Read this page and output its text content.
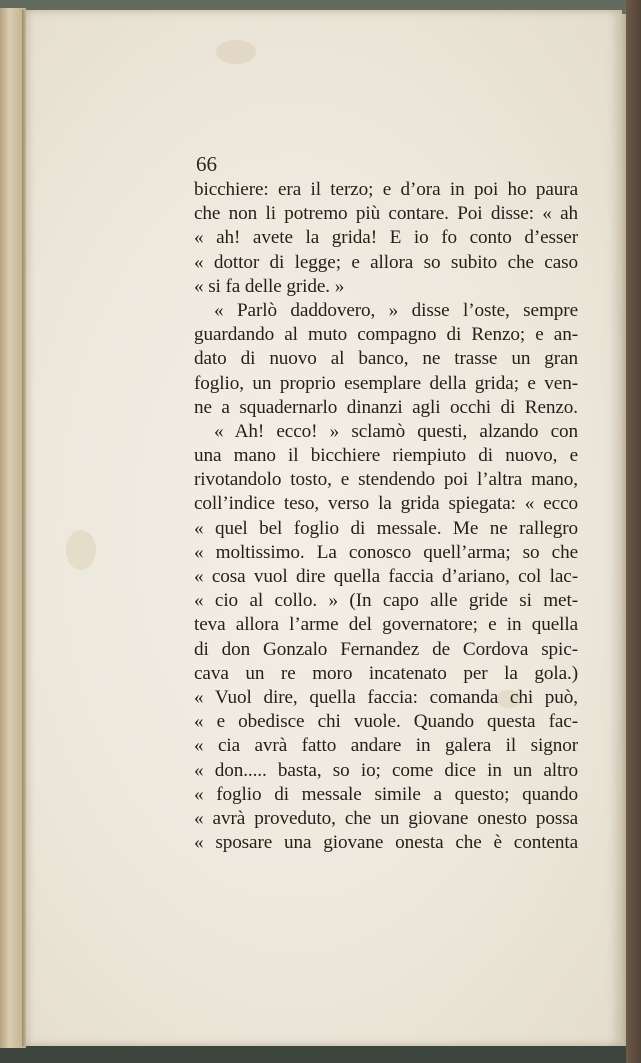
66

bicchiere: era il terzo; e d’ora in poi ho paura
che non li potremo più contare. Poi disse: « ah
« ah! avete la grida! E io fo conto d’esser
« dottor di legge; e allora so subito che caso
« si fa delle gride. »
« Parlò daddovero, » disse l’oste, sempre
guardando al muto compagno di Renzo; e an-
dato di nuovo al banco, ne trasse un gran
foglio, un proprio esemplare della grida; e ven-
ne a squadernarlo dinanzi agli occhi di Renzo.
« Ah! ecco! » sclamò questi, alzando con
una mano il bicchiere riempiuto di nuovo, e
rivotandolo tosto, e stendendo poi l’altra mano,
coll’indice teso, verso la grida spiegata: « ecco
« quel bel foglio di messale. Me ne rallegro
« moltissimo. La conosco quell’arma; so che
« cosa vuol dire quella faccia d’ariano, col lac-
« cio al collo. » (In capo alle gride si met-
teva allora l’arme del governatore; e in quella
di don Gonzalo Fernandez de Cordova spic-
cava un re moro incatenato per la gola.)
« Vuol dire, quella faccia: comanda chi può,
« e obedisce chi vuole. Quando questa fac-
« cia avrà fatto andare in galera il signor
« don..... basta, so io; come dice in un altro
« foglio di messale simile a questo; quando
« avrà proveduto, che un giovane onesto possa
« sposare una giovane onesta che è contenta
